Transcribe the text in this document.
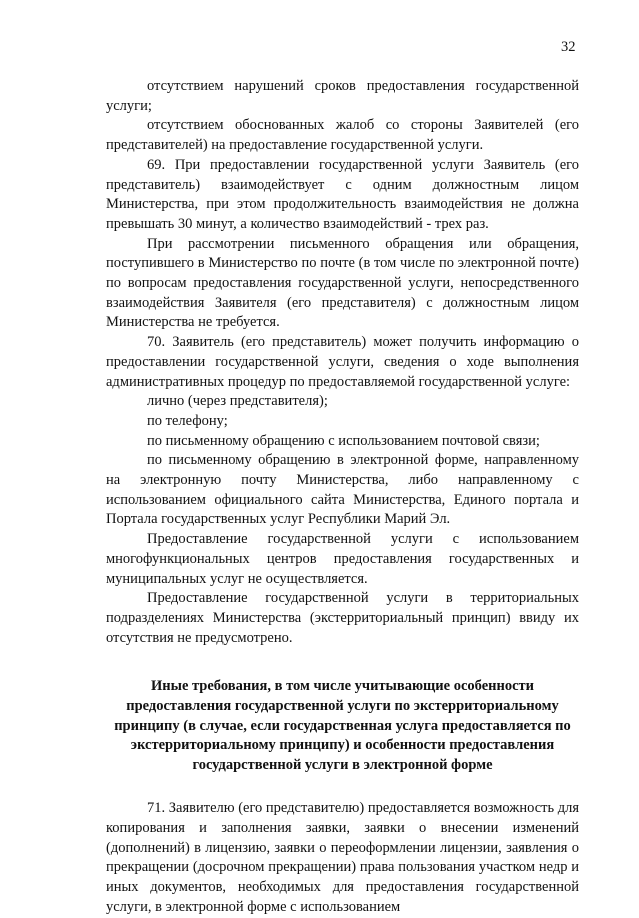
32

отсутствием нарушений сроков предоставления государственной услуги;

отсутствием обоснованных жалоб со стороны Заявителей (его представителей) на предоставление государственной услуги.

69. При предоставлении государственной услуги Заявитель (его представитель) взаимодействует с одним должностным лицом Министерства, при этом продолжительность взаимодействия не должна превышать 30 минут, а количество взаимодействий - трех раз.

При рассмотрении письменного обращения или обращения, поступившего в Министерство по почте (в том числе по электронной почте) по вопросам предоставления государственной услуги, непосредственного взаимодействия Заявителя (его представителя) с должностным лицом Министерства не требуется.

70. Заявитель (его представитель) может получить информацию о предоставлении государственной услуги, сведения о ходе выполнения административных процедур по предоставляемой государственной услуге:

лично (через представителя);

по телефону;

по письменному обращению с использованием почтовой связи;

по письменному обращению в электронной форме, направленному на электронную почту Министерства, либо направленному с использованием официального сайта Министерства, Единого портала и Портала государственных услуг Республики Марий Эл.

Предоставление государственной услуги с использованием многофункциональных центров предоставления государственных и муниципальных услуг не осуществляется.

Предоставление государственной услуги в территориальных подразделениях Министерства (экстерриториальный принцип) ввиду их отсутствия не предусмотрено.

Иные требования, в том числе учитывающие особенности предоставления государственной услуги по экстерриториальному принципу (в случае, если государственная услуга предоставляется по экстерриториальному принципу) и особенности предоставления государственной услуги в электронной форме

71. Заявителю (его представителю) предоставляется возможность для копирования и заполнения заявки, заявки о внесении изменений (дополнений) в лицензию, заявки о переоформлении лицензии, заявления о прекращении (досрочном прекращении) права пользования участком недр и иных документов, необходимых для предоставления государственной услуги, в электронной форме с использованием
